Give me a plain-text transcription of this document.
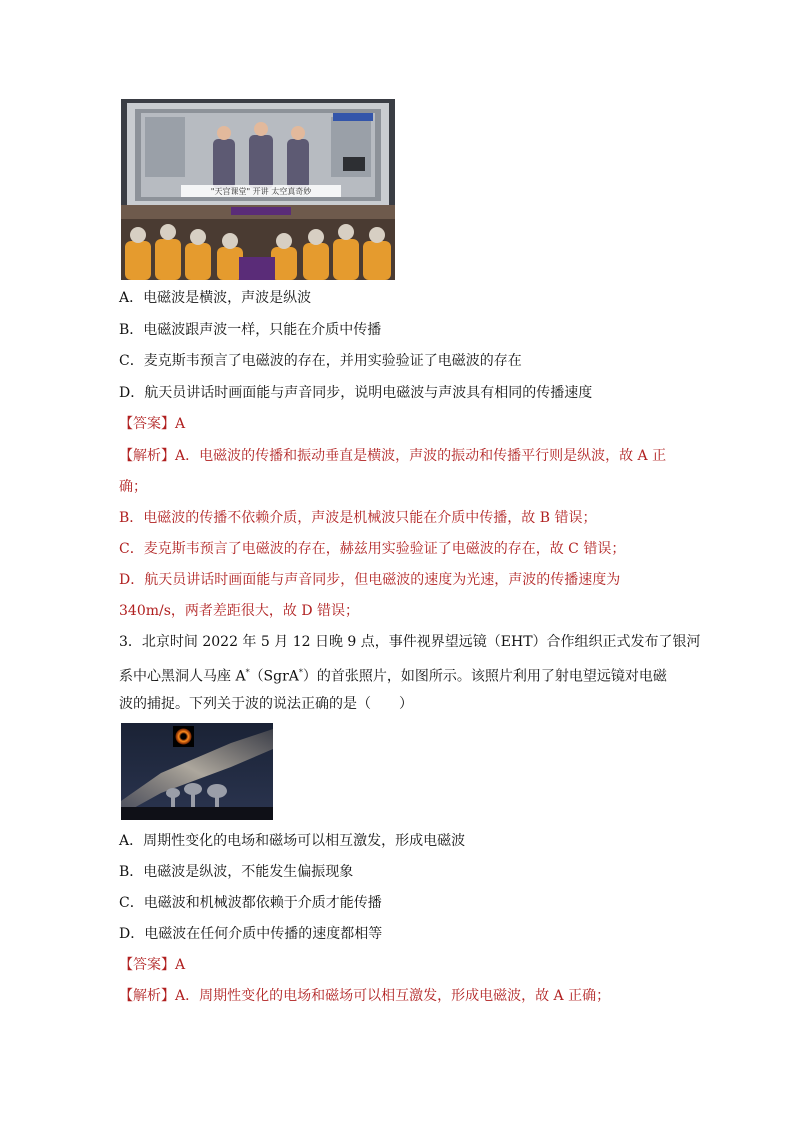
"天宫课堂" 开讲 太空真奇妙
A．电磁波是横波，声波是纵波
B．电磁波跟声波一样，只能在介质中传播
C．麦克斯韦预言了电磁波的存在，并用实验验证了电磁波的存在
D．航天员讲话时画面能与声音同步，说明电磁波与声波具有相同的传播速度
【答案】A
【解析】A．电磁波的传播和振动垂直是横波，声波的振动和传播平行则是纵波，故 A 正
确；
B．电磁波的传播不依赖介质，声波是机械波只能在介质中传播，故 B 错误；
C．麦克斯韦预言了电磁波的存在，赫兹用实验验证了电磁波的存在，故 C 错误；
D．航天员讲话时画面能与声音同步，但电磁波的速度为光速，声波的传播速度为
340m/s，两者差距很大，故 D 错误；
3．北京时间 2022 年 5 月 12 日晚 9 点，事件视界望远镜（EHT）合作组织正式发布了银河
系中心黑洞人马座 A*（SgrA*）的首张照片，如图所示。该照片利用了射电望远镜对电磁
波的捕捉。下列关于波的说法正确的是（　　）
A．周期性变化的电场和磁场可以相互激发，形成电磁波
B．电磁波是纵波，不能发生偏振现象
C．电磁波和机械波都依赖于介质才能传播
D．电磁波在任何介质中传播的速度都相等
【答案】A
【解析】A．周期性变化的电场和磁场可以相互激发，形成电磁波，故 A 正确；
